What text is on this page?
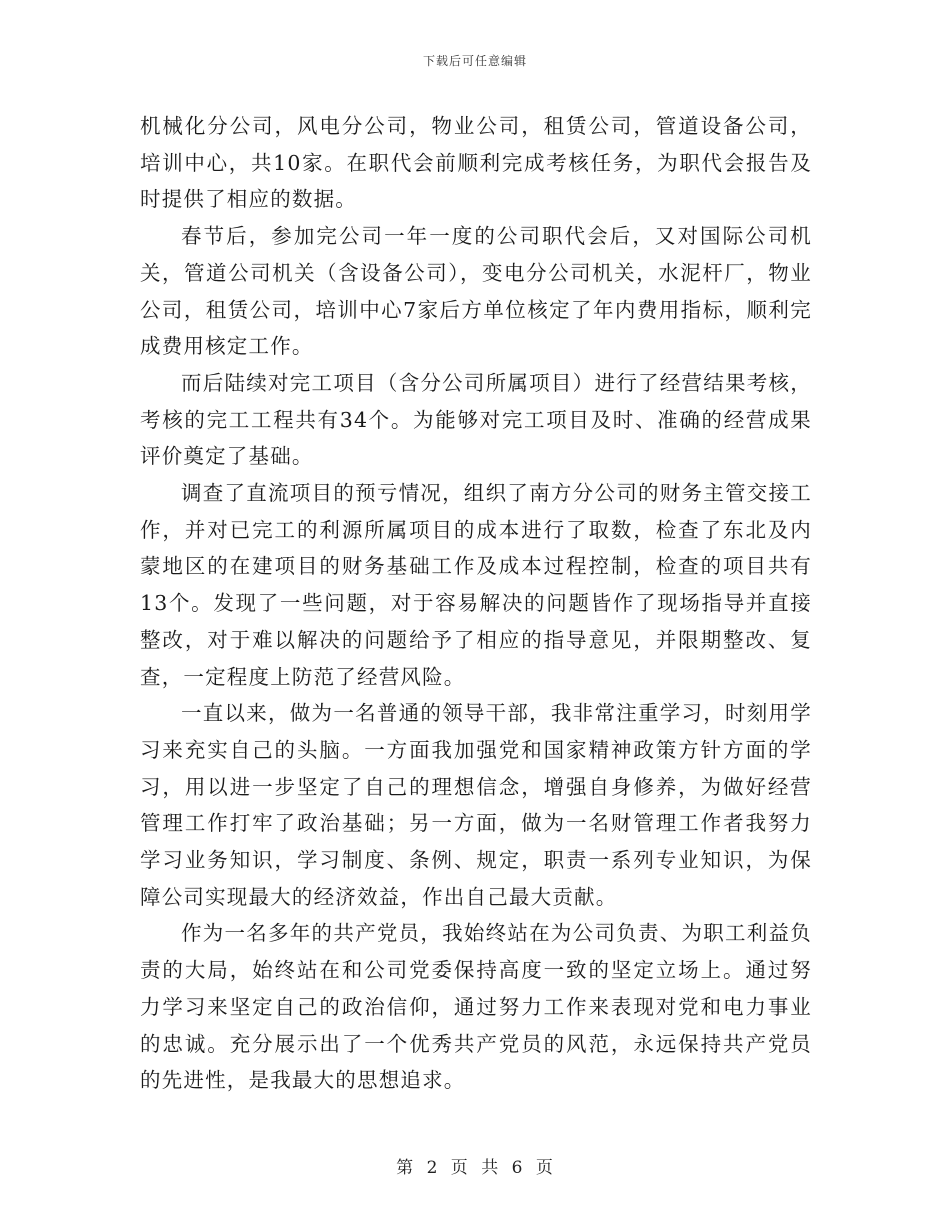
下载后可任意编辑

机械化分公司，风电分公司，物业公司，租赁公司，管道设备公司，培训中心，共10家。在职代会前顺利完成考核任务，为职代会报告及时提供了相应的数据。

春节后，参加完公司一年一度的公司职代会后，又对国际公司机关，管道公司机关（含设备公司），变电分公司机关，水泥杆厂，物业公司，租赁公司，培训中心7家后方单位核定了年内费用指标，顺利完成费用核定工作。

而后陆续对完工项目（含分公司所属项目）进行了经营结果考核，考核的完工工程共有34个。为能够对完工项目及时、准确的经营成果评价奠定了基础。

调查了直流项目的预亏情况，组织了南方分公司的财务主管交接工作，并对已完工的利源所属项目的成本进行了取数，检查了东北及内蒙地区的在建项目的财务基础工作及成本过程控制，检查的项目共有13个。发现了一些问题，对于容易解决的问题皆作了现场指导并直接整改，对于难以解决的问题给予了相应的指导意见，并限期整改、复查，一定程度上防范了经营风险。

一直以来，做为一名普通的领导干部，我非常注重学习，时刻用学习来充实自己的头脑。一方面我加强党和国家精神政策方针方面的学习，用以进一步坚定了自己的理想信念，增强自身修养，为做好经营管理工作打牢了政治基础；另一方面，做为一名财管理工作者我努力学习业务知识，学习制度、条例、规定，职责一系列专业知识，为保障公司实现最大的经济效益，作出自己最大贡献。

作为一名多年的共产党员，我始终站在为公司负责、为职工利益负责的大局，始终站在和公司党委保持高度一致的坚定立场上。通过努力学习来坚定自己的政治信仰，通过努力工作来表现对党和电力事业的忠诚。充分展示出了一个优秀共产党员的风范，永远保持共产党员的先进性，是我最大的思想追求。

第 2 页 共 6 页
